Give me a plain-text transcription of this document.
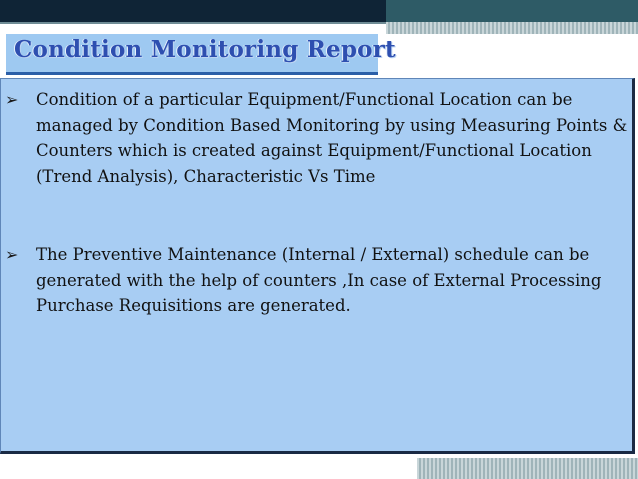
Condition Monitoring Report
➢	Condition of a particular Equipment/Functional Location can be managed by Condition Based Monitoring by using Measuring Points & Counters which is created against Equipment/Functional Location (Trend Analysis), Characteristic Vs Time
➢	The Preventive Maintenance (Internal / External) schedule can be generated with the help of counters ,In case of External Processing Purchase Requisitions are generated.
